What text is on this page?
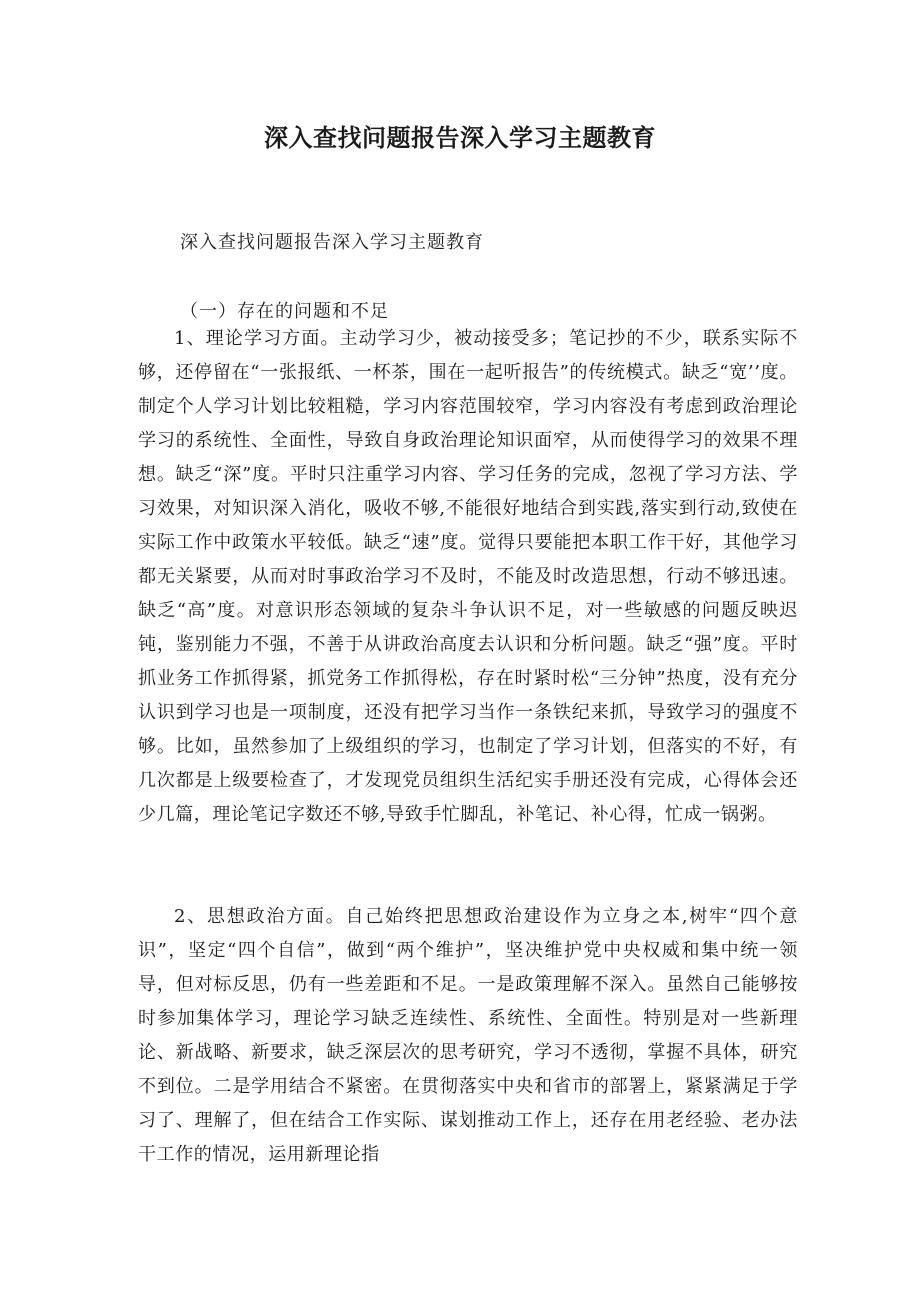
深入查找问题报告深入学习主题教育

深入查找问题报告深入学习主题教育

（一）存在的问题和不足

1、理论学习方面。主动学习少，被动接受多；笔记抄的不少，联系实际不够，还停留在“一张报纸、一杯茶，围在一起听报告”的传统模式。缺乏“宽’’度。制定个人学习计划比较粗糙，学习内容范围较窄，学习内容没有考虑到政治理论学习的系统性、全面性，导致自身政治理论知识面窄，从而使得学习的效果不理想。缺乏“深”度。平时只注重学习内容、学习任务的完成，忽视了学习方法、学习效果，对知识深入消化，吸收不够,不能很好地结合到实践,落实到行动,致使在实际工作中政策水平较低。缺乏“速”度。觉得只要能把本职工作干好，其他学习都无关紧要，从而对时事政治学习不及时，不能及时改造思想，行动不够迅速。缺乏“高”度。对意识形态领域的复杂斗争认识不足，对一些敏感的问题反映迟钝，鉴别能力不强，不善于从讲政治高度去认识和分析问题。缺乏“强”度。平时抓业务工作抓得紧，抓党务工作抓得松，存在时紧时松“三分钟”热度，没有充分认识到学习也是一项制度，还没有把学习当作一条铁纪来抓，导致学习的强度不够。比如，虽然参加了上级组织的学习，也制定了学习计划，但落实的不好，有几次都是上级要检查了，才发现党员组织生活纪实手册还没有完成，心得体会还少几篇，理论笔记字数还不够,导致手忙脚乱，补笔记、补心得，忙成一锅粥。

2、思想政治方面。自己始终把思想政治建设作为立身之本,树牢“四个意识”，坚定“四个自信”，做到“两个维护”，坚决维护党中央权威和集中统一领导，但对标反思，仍有一些差距和不足。一是政策理解不深入。虽然自己能够按时参加集体学习，理论学习缺乏连续性、系统性、全面性。特别是对一些新理论、新战略、新要求，缺乏深层次的思考研究，学习不透彻，掌握不具体，研究不到位。二是学用结合不紧密。在贯彻落实中央和省市的部署上，紧紧满足于学习了、理解了，但在结合工作实际、谋划推动工作上，还存在用老经验、老办法干工作的情况，运用新理论指
